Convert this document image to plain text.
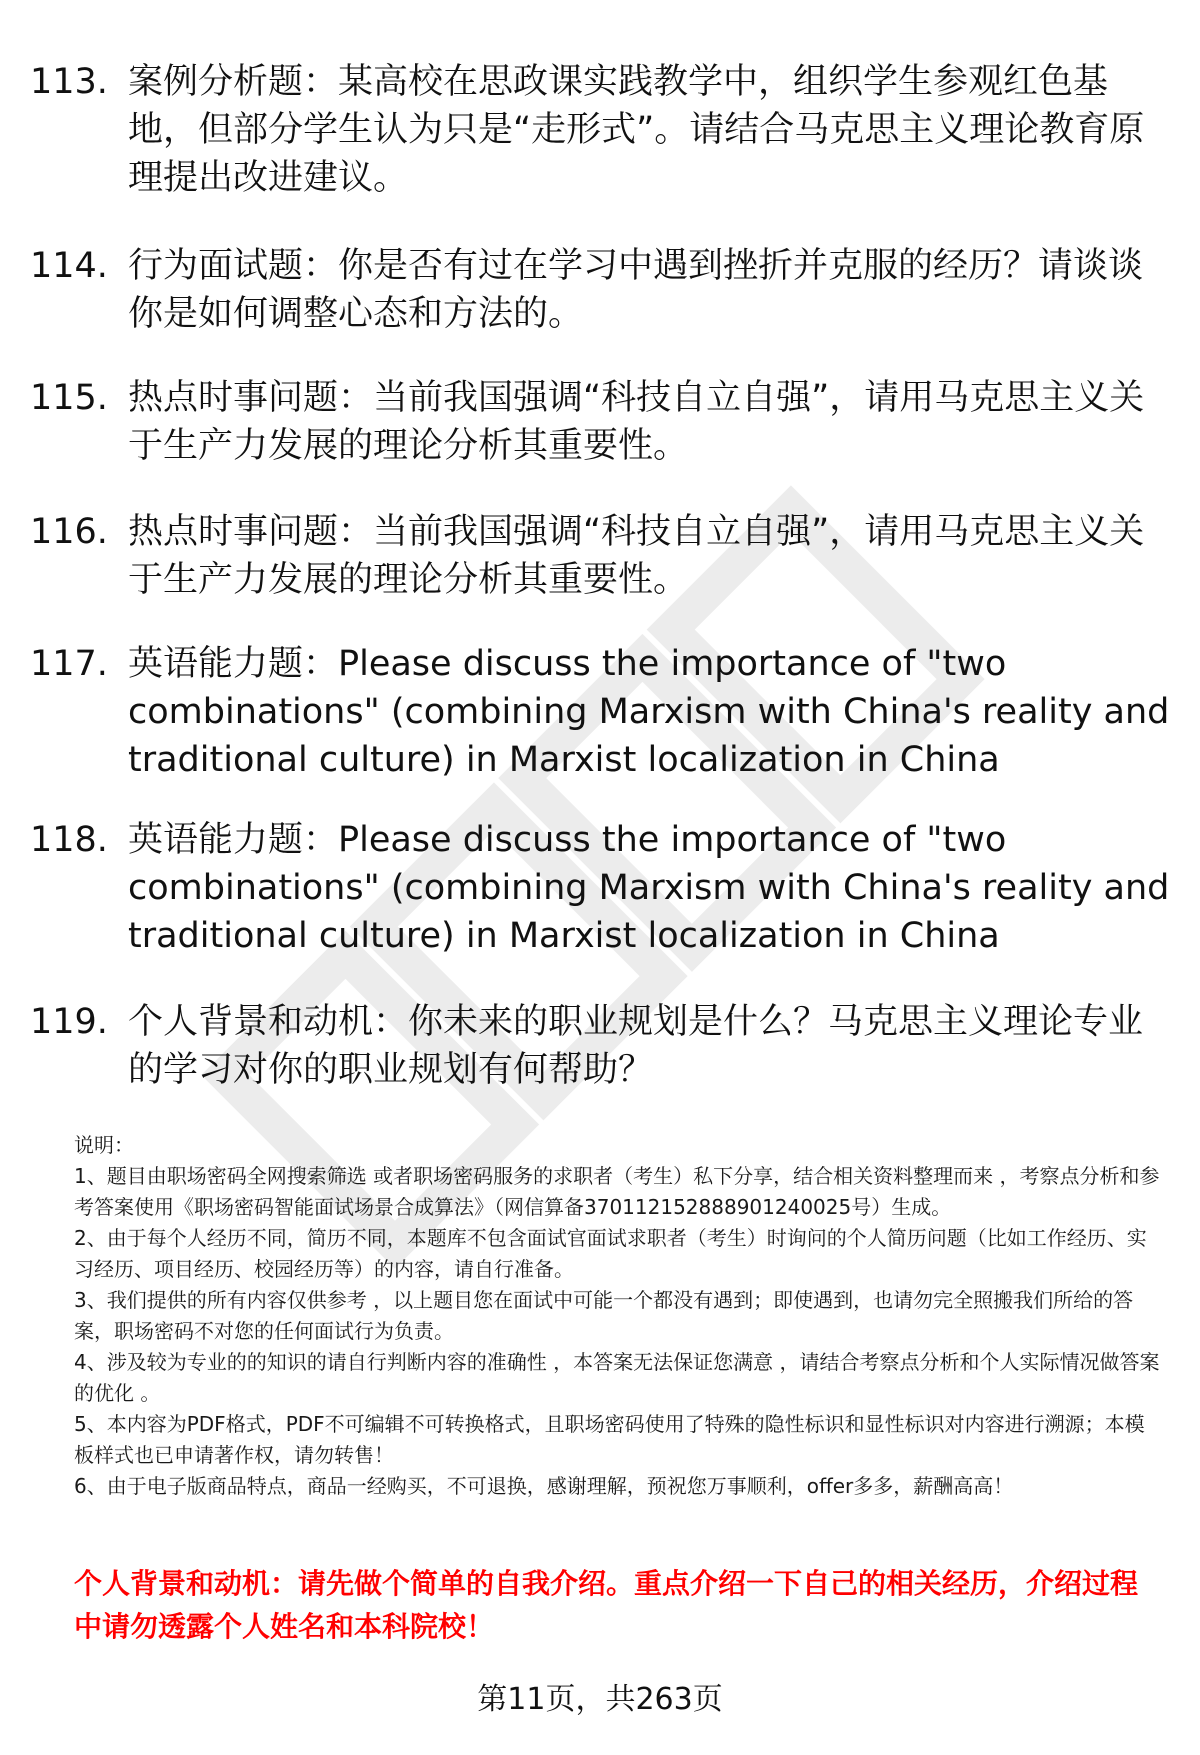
113. 案例分析题：某高校在思政课实践教学中，组织学生参观红色基地，但部分学生认为只是“走形式”。请结合马克思主义理论教育原理提出改进建议。
114. 行为面试题：你是否有过在学习中遇到挫折并克服的经历？请谈谈你是如何调整心态和方法的。
115. 热点时事问题：当前我国强调“科技自立自强”，请用马克思主义关于生产力发展的理论分析其重要性。
116. 热点时事问题：当前我国强调“科技自立自强”，请用马克思主义关于生产力发展的理论分析其重要性。
117. 英语能力题：Please discuss the importance of "two combinations" (combining Marxism with China's reality and traditional culture) in Marxist localization in China
118. 英语能力题：Please discuss the importance of "two combinations" (combining Marxism with China's reality and traditional culture) in Marxist localization in China
119. 个人背景和动机：你未来的职业规划是什么？马克思主义理论专业的学习对你的职业规划有何帮助？

说明：

1、题目由职场密码全网搜索筛选 或者职场密码服务的求职者（考生）私下分享，结合相关资料整理而来 ，考察点分析和参考答案使用《职场密码智能面试场景合成算法》（网信算备370112152888901240025号）生成。

2、由于每个人经历不同，简历不同，本题库不包含面试官面试求职者（考生）时询问的个人简历问题（比如工作经历、实习经历、项目经历、校园经历等）的内容，请自行准备。

3、我们提供的所有内容仅供参考 ，以上题目您在面试中可能一个都没有遇到；即使遇到，也请勿完全照搬我们所给的答案，职场密码不对您的任何面试行为负责。

4、涉及较为专业的的知识的请自行判断内容的准确性 ，本答案无法保证您满意 ，请结合考察点分析和个人实际情况做答案的优化 。

5、本内容为PDF格式，PDF不可编辑不可转换格式，且职场密码使用了特殊的隐性标识和显性标识对内容进行溯源；本模板样式也已申请著作权，请勿转售！

6、由于电子版商品特点，商品一经购买，不可退换，感谢理解，预祝您万事顺利，offer多多，薪酬高高！

个人背景和动机：请先做个简单的自我介绍。重点介绍一下自己的相关经历，介绍过程中请勿透露个人姓名和本科院校！
第11页，共263页
